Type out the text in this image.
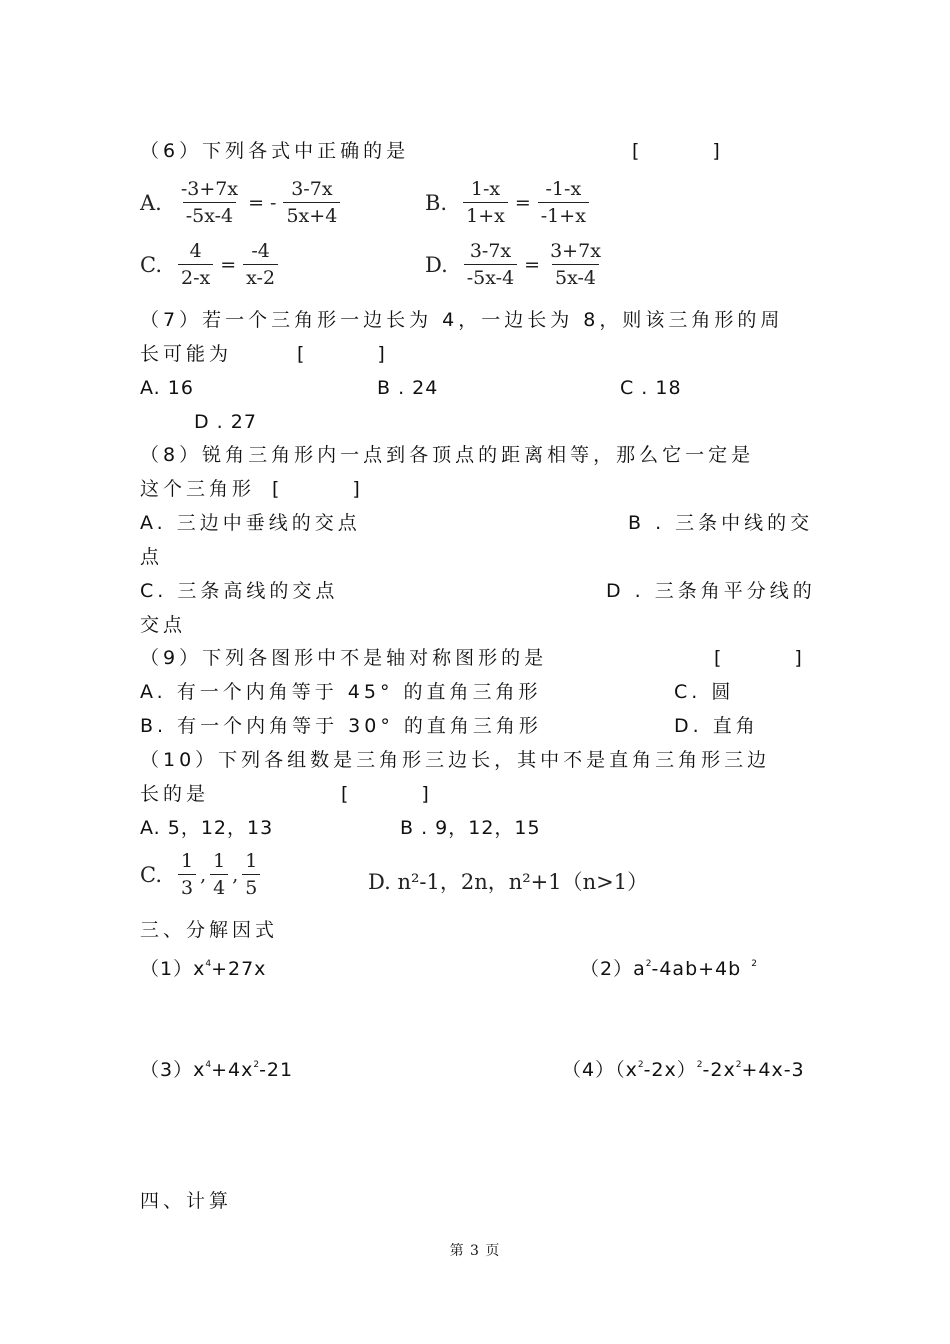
（6）下列各式中正确的是	[　　　]
A. $\frac{-3+7x}{-5x-4}$ = - $\frac{3-7x}{5x+4}$	B. $\frac{1-x}{1+x} = \frac{-1-x}{-1+x}$
C. $\frac{4}{2-x} = \frac{-4}{x-2}$	D. $\frac{3-7x}{-5x-4} = \frac{3+7x}{5x-4}$
（7）若一个三角形一边长为 4，一边长为 8，则该三角形的周
长可能为	[　　　]
A. 16	B . 24	C . 18
D . 27
（8）锐角三角形内一点到各顶点的距离相等，那么它一定是
这个三角形 [　　　]
A. 三边中垂线的交点	B . 三条中线的交
点
C. 三条高线的交点	D . 三条角平分线的
交点
（9）下列各图形中不是轴对称图形的是	[　　　]
A. 有一个内角等于 45° 的直角三角形	C. 圆
B. 有一个内角等于 30° 的直角三角形	D. 直角
（10）下列各组数是三角形三边长，其中不是直角三角形三边
长的是	[　　　]
A. 5，12，13	B . 9，12，15
C. $\frac{1}{3}$ , $\frac{1}{4}$ , $\frac{1}{5}$	D. n²-1，2n，n²+1（n>1）
三、分解因式
$(1)x^4+27x$	$(2)a^2-4ab+4b$ $^2$
$(3)x^4+4x^2-21$	$(4)(x^2-2x)^2-2x^2+4x-3$
四、计算
第 3 页
